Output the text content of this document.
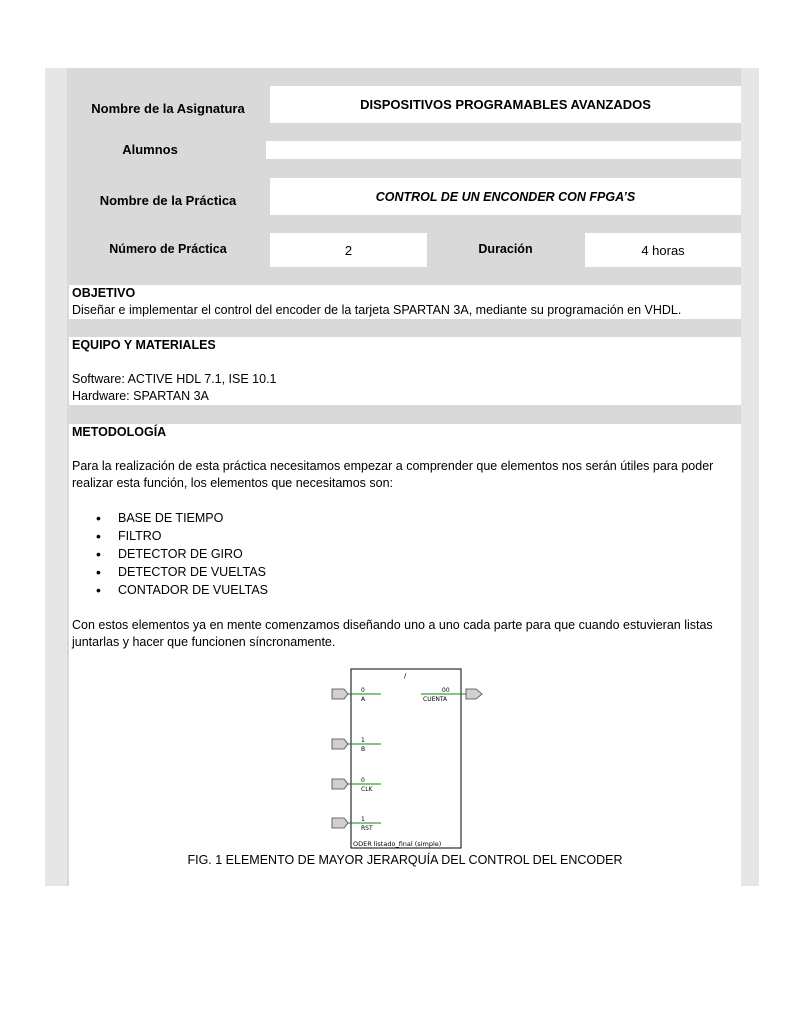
Nombre de la Asignatura	DISPOSITIVOS PROGRAMABLES AVANZADOS
Alumnos
Nombre de la Práctica	CONTROL DE UN ENCONDER CON FPGA’S
Número de Práctica	2	Duración	4 horas
OBJETIVO
Diseñar e implementar el control del encoder de la tarjeta SPARTAN 3A, mediante su programación en VHDL.
EQUIPO Y MATERIALES
Software: ACTIVE HDL 7.1, ISE 10.1
Hardware: SPARTAN 3A
METODOLOGÍA
Para la realización de esta práctica necesitamos empezar a comprender que elementos nos serán útiles para poder
realizar esta función, los elementos que necesitamos son:
• BASE DE TIEMPO
• FILTRO
• DETECTOR DE GIRO
• DETECTOR DE VUELTAS
• CONTADOR DE VUELTAS
Con estos elementos ya en mente comenzamos diseñando uno a uno cada parte para que cuando estuvieran listas
juntarlas y hacer que funcionen síncronamente.
/
0
A
1
B
0
CLK
1
RST
00
CUENTA
ODER listado_final (simple)
FIG. 1 ELEMENTO DE MAYOR JERARQUÍA DEL CONTROL DEL ENCODER
